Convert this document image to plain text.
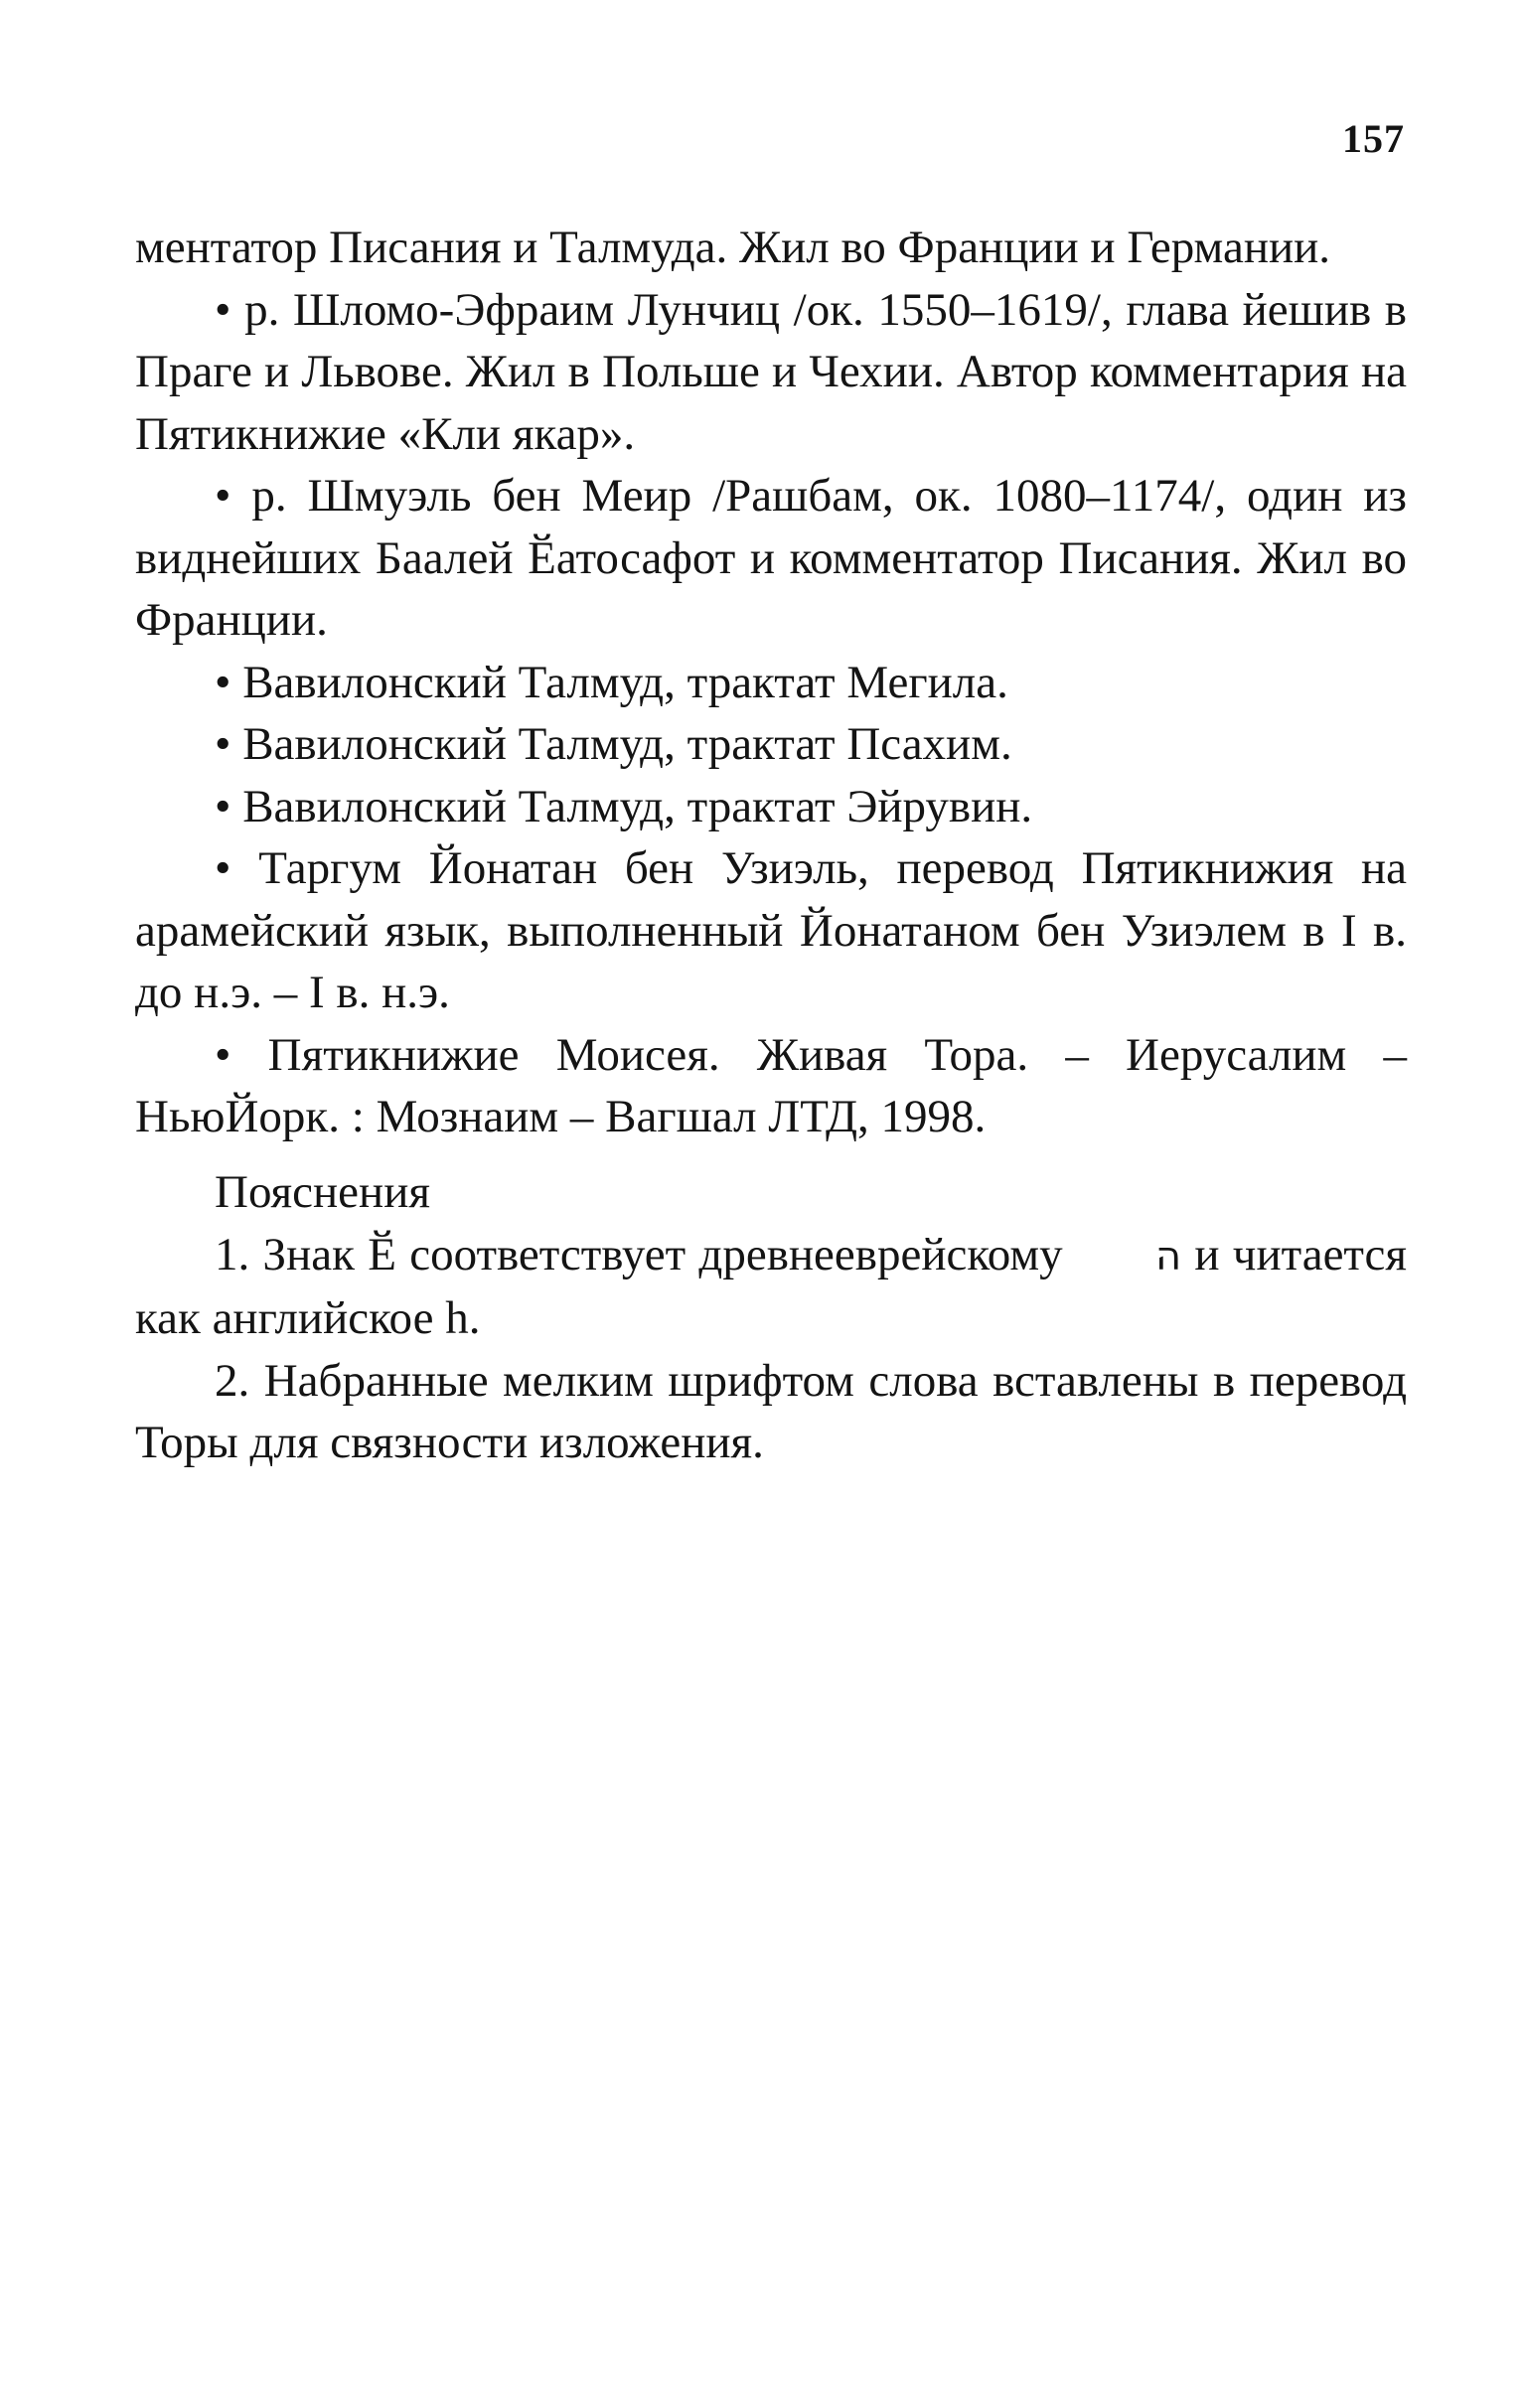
157

ментатор Писания и Талмуда. Жил во Франции и Германии.

• р. Шломо-Эфраим Лунчиц /ок. 1550–1619/, глава йешив в Праге и Львове. Жил в Польше и Чехии. Автор комментария на Пятикнижие «Кли якар».

• р. Шмуэль бен Меир /Рашбам, ок. 1080–1174/, один из виднейших Баалей Ӗатосафот и комментатор Писания. Жил во Франции.

• Вавилонский Талмуд, трактат Мегила.

• Вавилонский Талмуд, трактат Псахим.

• Вавилонский Талмуд, трактат Эйрувин.

• Таргум Йонатан бен Узиэль, перевод Пятикнижия на арамейский язык, выполненный Йонатаном бен Узиэлем в I в. до н.э. – I в. н.э.

• Пятикнижие Моисея. Живая Тора. – Иерусалим – НьюЙорк. : Мознаим – Вагшал ЛТД, 1998.

Пояснения

1. Знак Ӗ соответствует древнееврейскому ה и читается как английское h.

2. Набранные мелким шрифтом слова вставлены в перевод Торы для связности изложения.
